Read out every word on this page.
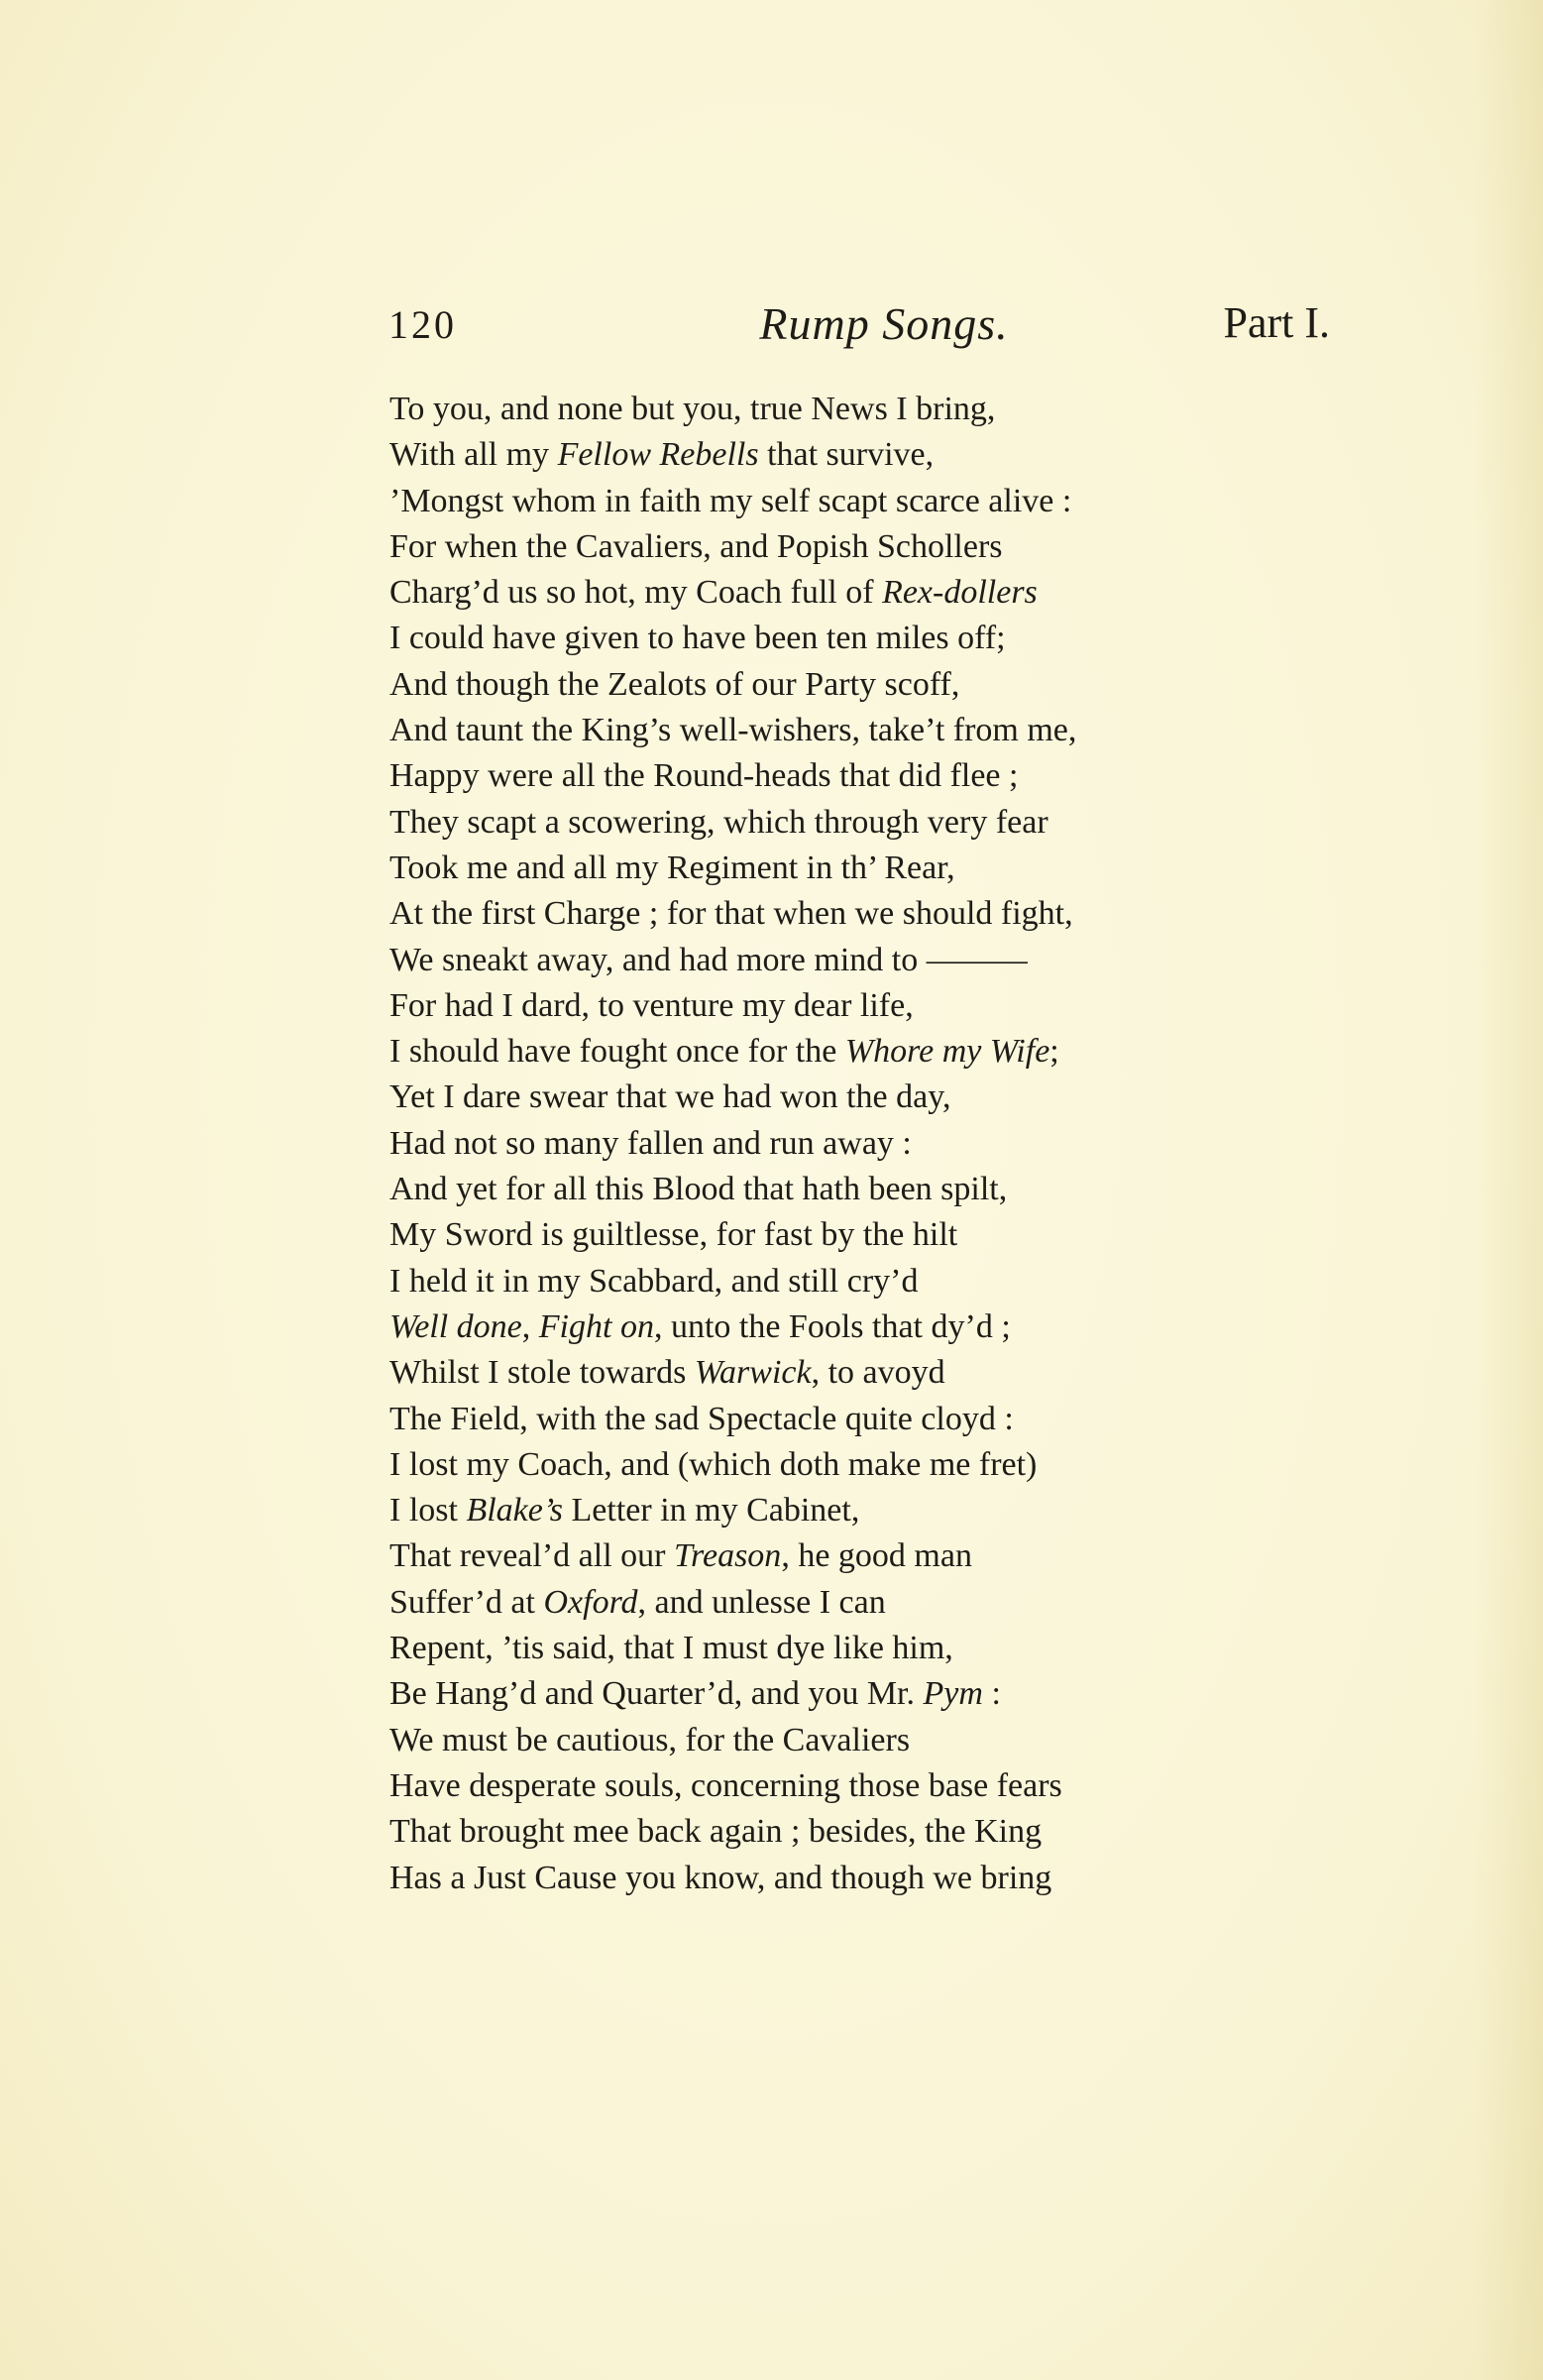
120	Rump Songs.	Part I.
To you, and none but you, true News I bring,
With all my Fellow Rebells that survive,
’Mongst whom in faith my self scapt scarce alive :
For when the Cavaliers, and Popish Schollers
Charg’d us so hot, my Coach full of Rex-dollers
I could have given to have been ten miles off;
And though the Zealots of our Party scoff,
And taunt the King’s well-wishers, take’t from me,
Happy were all the Round-heads that did flee ;
They scapt a scowering, which through very fear
Took me and all my Regiment in th’ Rear,
At the first Charge ; for that when we should fight,
We sneakt away, and had more mind to ———
For had I dard, to venture my dear life,
I should have fought once for the Whore my Wife;
Yet I dare swear that we had won the day,
Had not so many fallen and run away :
And yet for all this Blood that hath been spilt,
My Sword is guiltlesse, for fast by the hilt
I held it in my Scabbard, and still cry’d
Well done, Fight on, unto the Fools that dy’d ;
Whilst I stole towards Warwick, to avoyd
The Field, with the sad Spectacle quite cloyd :
I lost my Coach, and (which doth make me fret)
I lost Blake’s Letter in my Cabinet,
That reveal’d all our Treason, he good man
Suffer’d at Oxford, and unlesse I can
Repent, ’tis said, that I must dye like him,
Be Hang’d and Quarter’d, and you Mr. Pym :
We must be cautious, for the Cavaliers
Have desperate souls, concerning those base fears
That brought mee back again ; besides, the King
Has a Just Cause you know, and though we bring
